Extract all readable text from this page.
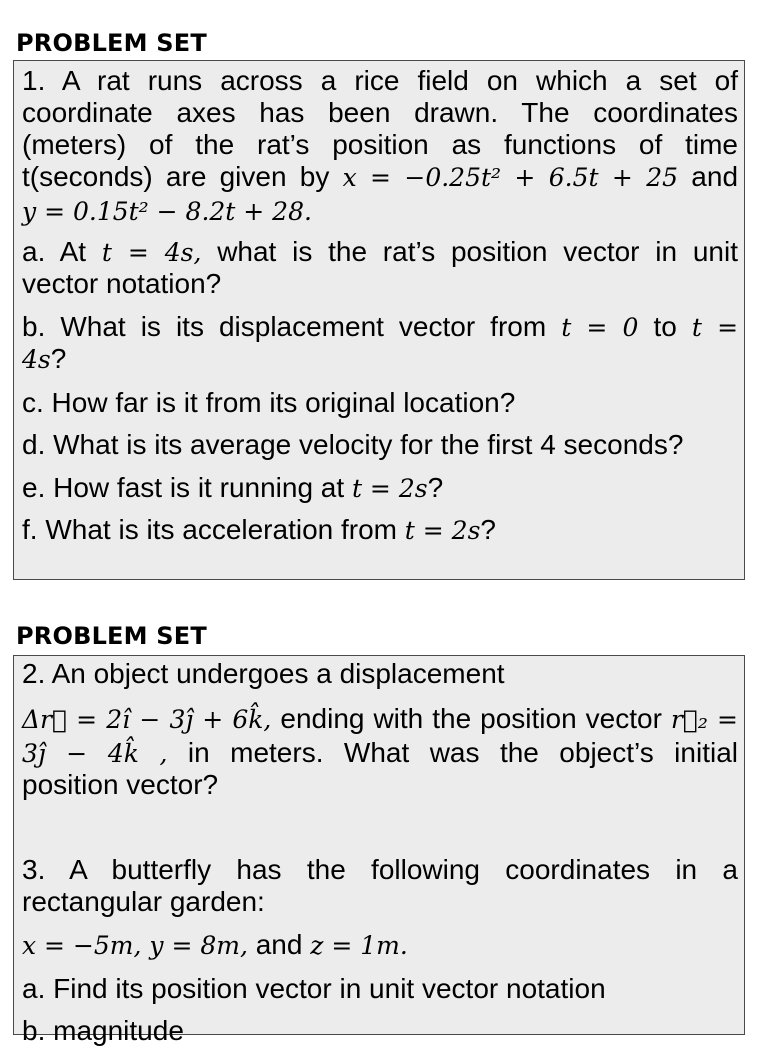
PROBLEM SET
1. A rat runs across a rice field on which a set of
coordinate axes has been drawn. The coordinates
(meters) of the rat’s position as functions of time
t(seconds) are given by x = −0.25t² + 6.5t + 25 and
y = 0.15t² − 8.2t + 28.
a. At t = 4s, what is the rat’s position vector in unit
vector notation?
b. What is its displacement vector from t = 0 to t =
4s?
c. How far is it from its original location?
d. What is its average velocity for the first 4 seconds?
e. How fast is it running at t = 2s?
f. What is its acceleration from t = 2s?
PROBLEM SET
2. An object undergoes a displacement
Δr⃗ = 2î − 3ĵ + 6k̂, ending with the position vector r⃗₂ =
3ĵ − 4k̂ , in meters. What was the object’s initial
position vector?
3. A butterfly has the following coordinates in a
rectangular garden:
x = −5m, y = 8m, and z = 1m.
a. Find its position vector in unit vector notation
b. magnitude
